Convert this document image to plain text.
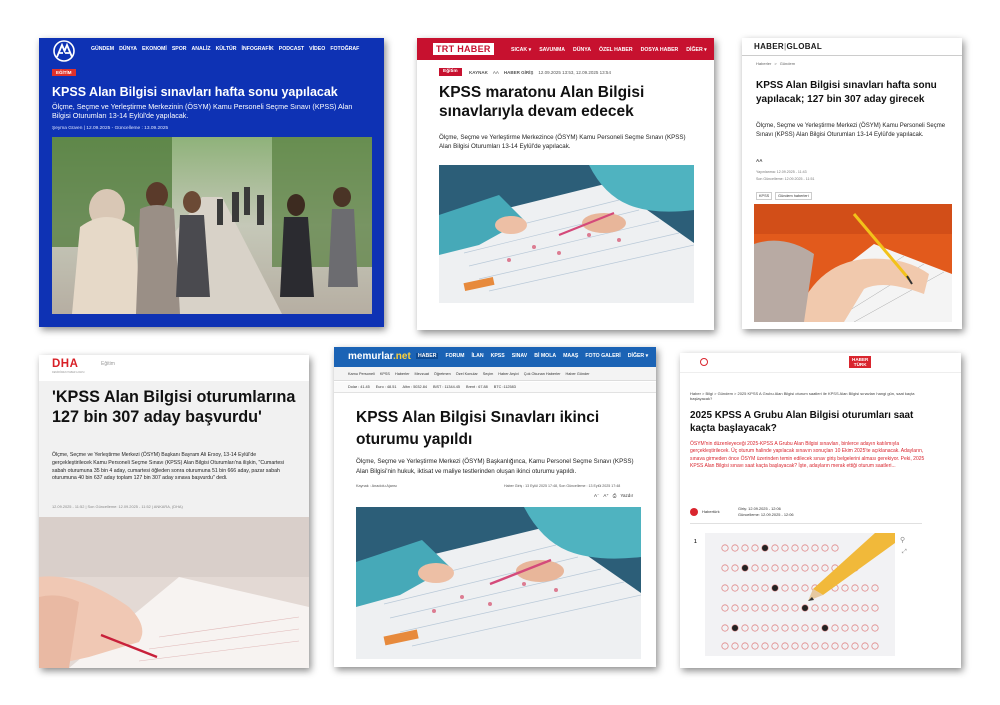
GÜNDEM DÜNYA EKONOMİ SPOR ANALİZ KÜLTÜR İNFOGRAFİK PODCAST VİDEO FOTOĞRAF
EĞİTİM
KPSS Alan Bilgisi sınavları hafta sonu yapılacak
Ölçme, Seçme ve Yerleştirme Merkezinin (ÖSYM) Kamu Personeli Seçme Sınavı (KPSS) Alan Bilgisi Oturumları 13-14 Eylül'de yapılacak.
Şeyma Güven | 12.09.2025 - Güncelleme : 13.09.2025
TRT HABER	SICAK ▾ SAVUNMA DÜNYA ÖZEL HABER DOSYA HABER DİĞER ▾
Eğitim	KAYNAK AA HABER GİRİŞ 12.09.2025 13:53, 12.09.2025 13:54
KPSS maratonu Alan Bilgisi sınavlarıyla devam edecek
Ölçme, Seçme ve Yerleştirme Merkezince (ÖSYM) Kamu Personeli Seçme Sınavı (KPSS) Alan Bilgisi Oturumları 13-14 Eylül'de yapılacak.
HABER|GLOBAL
Haberler > Gündem
KPSS Alan Bilgisi sınavları hafta sonu yapılacak; 127 bin 307 aday girecek
Ölçme, Seçme ve Yerleştirme Merkezi (ÖSYM) Kamu Personeli Seçme Sınavı (KPSS) Alan Bilgisi Oturumları 13-14 Eylül'de yapılacak.
AA
Yayınlanma: 12.09.2025 - 11:43
Son Güncelleme: 12.09.2025 - 11:51
KPSS	Gündem haberleri
DHA
DEMİRÖREN HABER AJANSI
Eğitim
'KPSS Alan Bilgisi oturumlarına 127 bin 307 aday başvurdu'
Ölçme, Seçme ve Yerleştirme Merkezi (ÖSYM) Başkanı Bayram Ali Ersoy, 13-14 Eylül'de gerçekleştirilecek Kamu Personeli Seçme Sınavı (KPSS) Alan Bilgisi Oturumları'na ilişkin, "Cumartesi sabah oturumuna 35 bin 4 aday, cumartesi öğleden sonra oturumuna 51 bin 666 aday, pazar sabah oturumuna 40 bin 637 aday toplam 127 bin 307 aday sınava başvurdu" dedi.
12.09.2025 - 11:52 | Son Güncelleme: 12.09.2025 - 11:52 | ANKARA, (DHA)
memurlar.net	HABER	FORUM İLAN KPSS SINAV Bİ MOLA MAAŞ FOTO GALERİ DİĞER ▾
Kamu Personeli KPSS Haberler Mevzuat Öğretmen Özel Konular Seçim Haber Arşivi Çok Okunan Haberler Haber Gönder
Dolar : 41.45 Euro : 48.51 Altın : 5032.84 BIST : 11344.45 Brent : 67.88 BTC :112583
KPSS Alan Bilgisi Sınavları ikinci oturumu yapıldı
Ölçme, Seçme ve Yerleştirme Merkezi (ÖSYM) Başkanlığınca, Kamu Personel Seçme Sınavı (KPSS) Alan Bilgisi'nin hukuk, iktisat ve maliye testlerinden oluşan ikinci oturumu yapıldı.
Kaynak : Anadolu Ajansı	Haber Giriş : 13 Eylül 2025 17:48, Son Güncelleme : 13 Eylül 2025 17:48
A⁻ A⁺ ⎙ Yazdır
HABER
TÜRK
Haber > Bilgi > Gündem > 2025 KPSS A Grubu Alan Bilgisi oturum saatleri ile KPSS Alan Bilgisi sınavları hangi gün, saat kaçta başlayacak?
2025 KPSS A Grubu Alan Bilgisi oturumları saat kaçta başlayacak?
ÖSYM'nin düzenleyeceği 2025-KPSS A Grubu Alan Bilgisi sınavları, binlerce adayın katılımıyla gerçekleştirilecek. Üç oturum halinde yapılacak sınavın sonuçları 10 Ekim 2025'te açıklanacak. Adayların, sınava girmeden önce ÖSYM üzerinden temin edilecek sınav giriş belgelerini alması gerekiyor. Peki, 2025 KPSS Alan Bilgisi sınavı saat kaçta başlayacak? İşte, adayların merak ettiği oturum saatleri...
Habertürk
Giriş: 12.09.2025 - 12:06
Güncelleme: 12.09.2025 - 12:06
1	⚲
⤢
